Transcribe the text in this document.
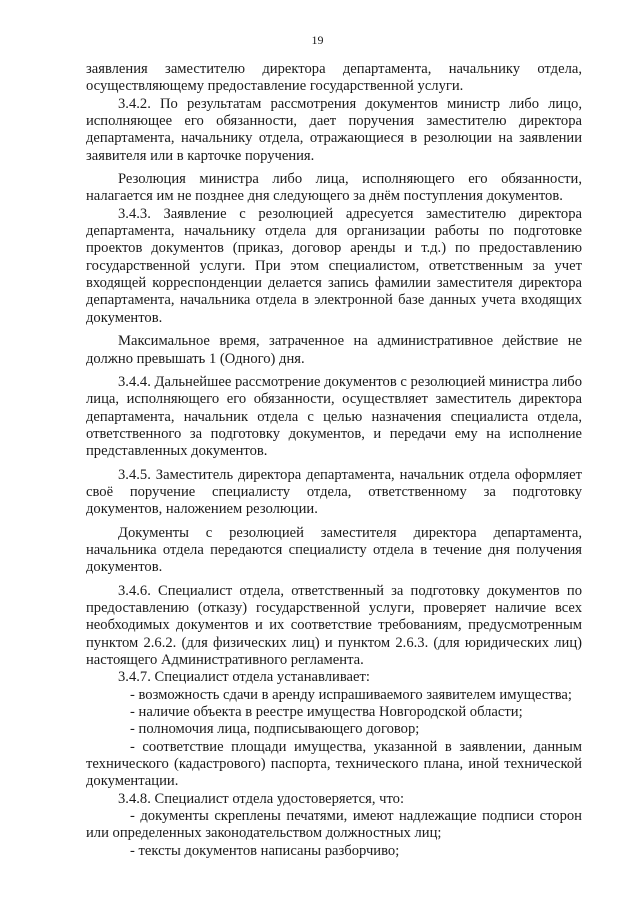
19

заявления заместителю директора департамента, начальнику отдела, осуществляющему предоставление государственной услуги.

3.4.2. По результатам рассмотрения документов министр либо лицо, исполняющее его обязанности, дает поручения заместителю директора департамента, начальнику отдела, отражающиеся в резолюции на заявлении заявителя или в карточке поручения.

Резолюция министра либо лица, исполняющего его обязанности, налагается им не позднее дня следующего за днём поступления документов.

3.4.3. Заявление с резолюцией адресуется заместителю директора департамента, начальнику отдела для организации работы по подготовке проектов документов (приказ, договор аренды и т.д.) по предоставлению государственной услуги. При этом специалистом, ответственным за учет входящей корреспонденции делается запись фамилии заместителя директора департамента, начальника отдела в электронной базе данных учета входящих документов.

Максимальное время, затраченное на административное действие не должно превышать 1 (Одного) дня.

3.4.4. Дальнейшее рассмотрение документов с резолюцией министра либо лица, исполняющего его обязанности, осуществляет заместитель директора департамента, начальник отдела с целью назначения специалиста отдела, ответственного за подготовку документов, и передачи ему на исполнение представленных документов.

3.4.5. Заместитель директора департамента, начальник отдела оформляет своё поручение специалисту отдела, ответственному за подготовку документов, наложением резолюции.

Документы с резолюцией заместителя директора департамента, начальника отдела передаются специалисту отдела в течение дня получения документов.

3.4.6. Специалист отдела, ответственный за подготовку документов по предоставлению (отказу) государственной услуги, проверяет наличие всех необходимых документов и их соответствие требованиям, предусмотренным пунктом 2.6.2. (для физических лиц) и пунктом 2.6.3. (для юридических лиц) настоящего Административного регламента.

3.4.7. Специалист отдела устанавливает:

- возможность сдачи в аренду испрашиваемого заявителем имущества;

- наличие объекта в реестре имущества Новгородской области;

- полномочия лица, подписывающего договор;

- соответствие площади имущества, указанной в заявлении, данным технического (кадастрового) паспорта, технического плана, иной технической документации.

3.4.8. Специалист отдела удостоверяется, что:

- документы скреплены печатями, имеют надлежащие подписи сторон или определенных законодательством должностных лиц;

- тексты документов написаны разборчиво;
